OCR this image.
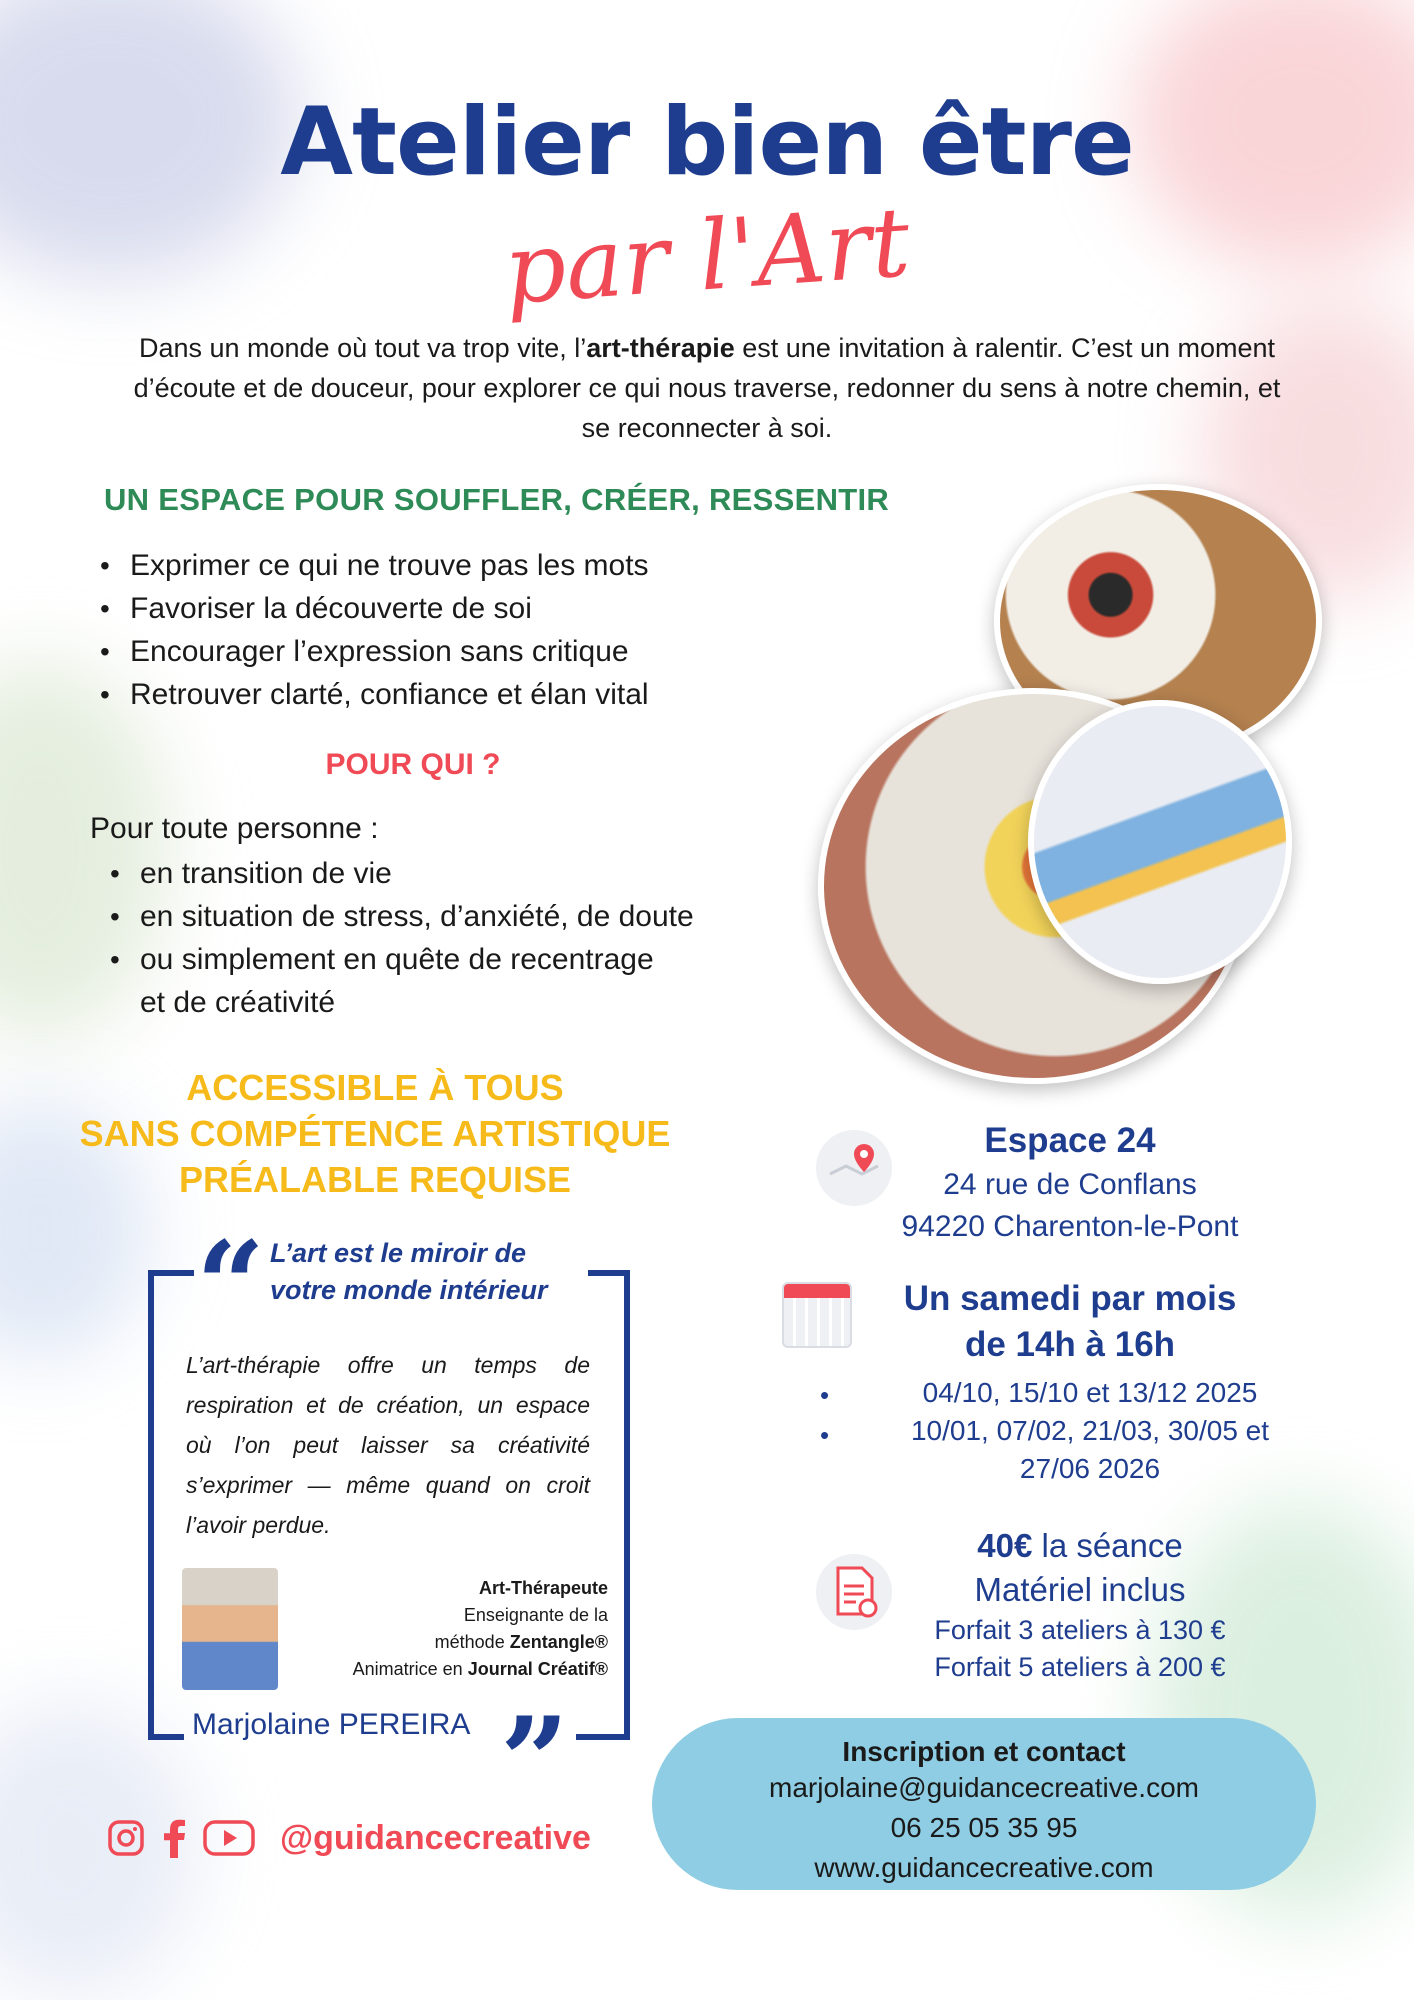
Atelier bien être
par l'Art
Dans un monde où tout va trop vite, l’art-thérapie est une invitation à ralentir. C’est un moment d’écoute et de douceur, pour explorer ce qui nous traverse, redonner du sens à notre chemin, et se reconnecter à soi.
UN ESPACE POUR SOUFFLER, CRÉER, RESSENTIR
• Exprimer ce qui ne trouve pas les mots
• Favoriser la découverte de soi
• Encourager l’expression sans critique
• Retrouver clarté, confiance et élan vital
POUR QUI ?
Pour toute personne :
• en transition de vie
• en situation de stress, d’anxiété, de doute
• ou simplement en quête de recentrage et de créativité
ACCESSIBLE À TOUS
SANS COMPÉTENCE ARTISTIQUE
PRÉALABLE REQUISE
“
”
L’art est le miroir de
votre monde intérieur
L’art-thérapie offre un temps de respiration et de création, un espace où l’on peut laisser sa créativité s’exprimer — même quand on croit l’avoir perdue.
Art-Thérapeute
Enseignante de la
méthode Zentangle®
Animatrice en Journal Créatif®
Marjolaine PEREIRA
@guidancecreative
Espace 24
24 rue de Conflans
94220 Charenton-le-Pont
Un samedi par mois
de 14h à 16h
•	04/10, 15/10 et 13/12 2025
•	10/01, 07/02, 21/03, 30/05 et 27/06 2026
40€ la séance
Matériel inclus
Forfait 3 ateliers à 130 €
Forfait 5 ateliers à 200 €
Inscription et contact
marjolaine@guidancecreative.com
06 25 05 35 95
www.guidancecreative.com
